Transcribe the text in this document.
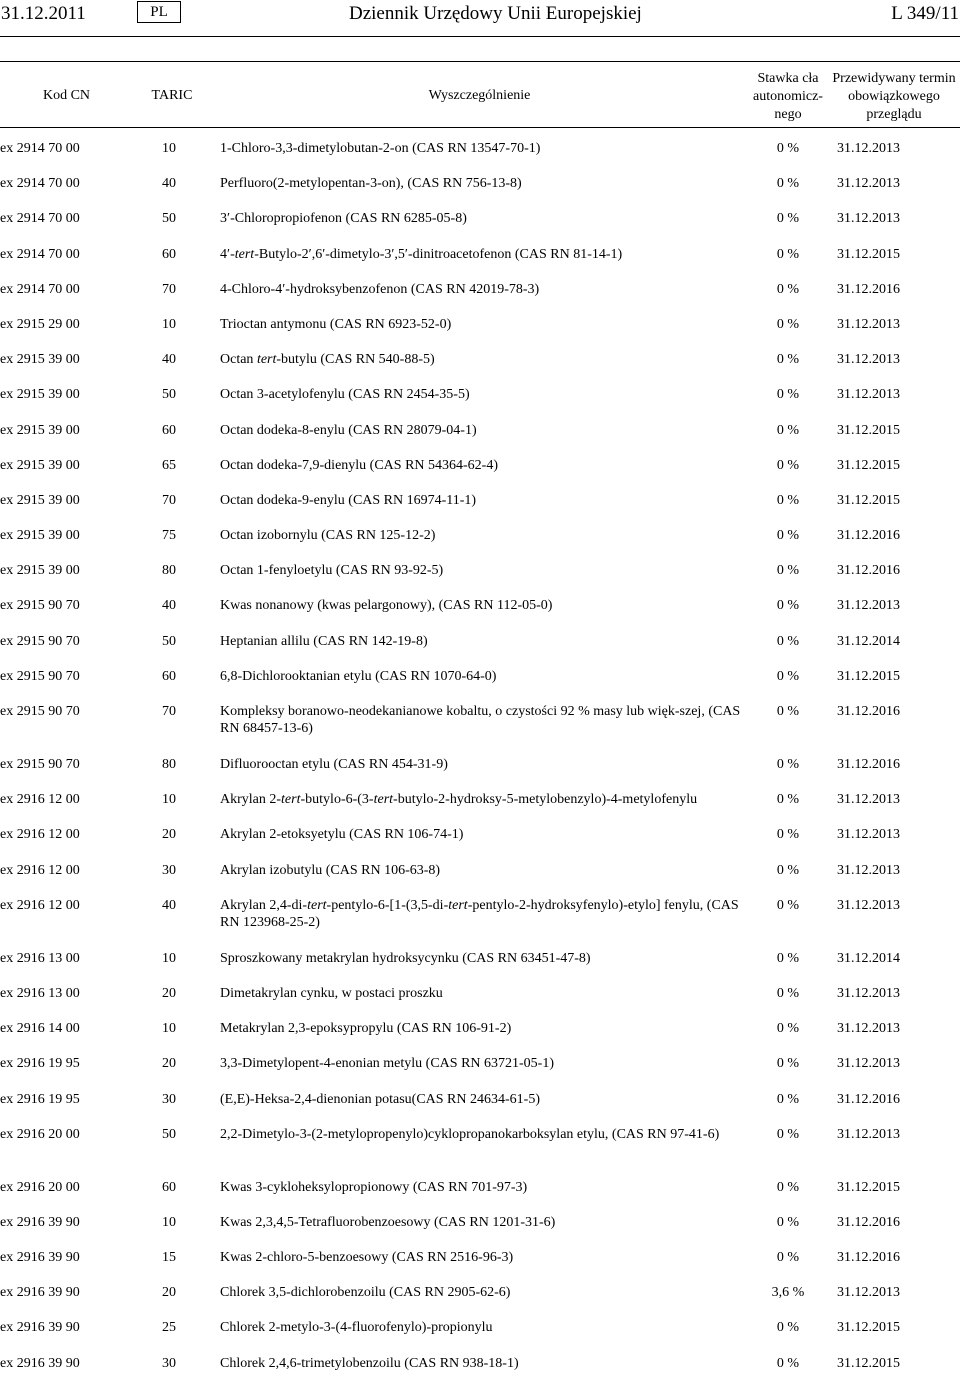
31.12.2011	PL	Dziennik Urzędowy Unii Europejskiej	L 349/11
Kod CN	TARIC	Wyszczególnienie
Stawka cła
autonomicz-
nego
Przewidywany termin
obowiązkowego
przeglądu
ex 2914 70 00	10	1-Chloro-3,3-dimetylobutan-2-on (CAS RN 13547-70-1)	0 %	31.12.2013
ex 2914 70 00	40	Perfluoro(2-metylopentan-3-on), (CAS RN 756-13-8)	0 %	31.12.2013
ex 2914 70 00	50	3′-Chloropropiofenon (CAS RN 6285-05-8)	0 %	31.12.2013
ex 2914 70 00	60	4′-tert-Butylo-2′,6′-dimetylo-3′,5′-dinitroacetofenon (CAS RN 81-14-1)	0 %	31.12.2015
ex 2914 70 00	70	4-Chloro-4′-hydroksybenzofenon (CAS RN 42019-78-3)	0 %	31.12.2016
ex 2915 29 00	10	Trioctan antymonu (CAS RN 6923-52-0)	0 %	31.12.2013
ex 2915 39 00	40	Octan tert-butylu (CAS RN 540-88-5)	0 %	31.12.2013
ex 2915 39 00	50	Octan 3-acetylofenylu (CAS RN 2454-35-5)	0 %	31.12.2013
ex 2915 39 00	60	Octan dodeka-8-enylu (CAS RN 28079-04-1)	0 %	31.12.2015
ex 2915 39 00	65	Octan dodeka-7,9-dienylu (CAS RN 54364-62-4)	0 %	31.12.2015
ex 2915 39 00	70	Octan dodeka-9-enylu (CAS RN 16974-11-1)	0 %	31.12.2015
ex 2915 39 00	75	Octan izobornylu (CAS RN 125-12-2)	0 %	31.12.2016
ex 2915 39 00	80	Octan 1-fenyloetylu (CAS RN 93-92-5)	0 %	31.12.2016
ex 2915 90 70	40	Kwas nonanowy (kwas pelargonowy), (CAS RN 112-05-0)	0 %	31.12.2013
ex 2915 90 70	50	Heptanian allilu (CAS RN 142-19-8)	0 %	31.12.2014
ex 2915 90 70	60	6,8-Dichlorooktanian etylu (CAS RN 1070-64-0)	0 %	31.12.2015
ex 2915 90 70	70	Kompleksy boranowo-neodekanianowe kobaltu, o czystości 92 % masy lub więk-szej, (CAS RN 68457-13-6)	0 %	31.12.2016
ex 2915 90 70	80	Difluorooctan etylu (CAS RN 454-31-9)	0 %	31.12.2016
ex 2916 12 00	10	Akrylan 2-tert-butylo-6-(3-tert-butylo-2-hydroksy-5-metylobenzylo)-4-metylofenylu	0 %	31.12.2013
ex 2916 12 00	20	Akrylan 2-etoksyetylu (CAS RN 106-74-1)	0 %	31.12.2013
ex 2916 12 00	30	Akrylan izobutylu (CAS RN 106-63-8)	0 %	31.12.2013
ex 2916 12 00	40	Akrylan 2,4-di-tert-pentylo-6-[1-(3,5-di-tert-pentylo-2-hydroksyfenylo)-etylo] fenylu, (CAS RN 123968-25-2)	0 %	31.12.2013
ex 2916 13 00	10	Sproszkowany metakrylan hydroksycynku (CAS RN 63451-47-8)	0 %	31.12.2014
ex 2916 13 00	20	Dimetakrylan cynku, w postaci proszku	0 %	31.12.2013
ex 2916 14 00	10	Metakrylan 2,3-epoksypropylu (CAS RN 106-91-2)	0 %	31.12.2013
ex 2916 19 95	20	3,3-Dimetylopent-4-enonian metylu (CAS RN 63721-05-1)	0 %	31.12.2013
ex 2916 19 95	30	(E,E)-Heksa-2,4-dienonian potasu(CAS RN 24634-61-5)	0 %	31.12.2016
ex 2916 20 00	50	2,2-Dimetylo-3-(2-metylopropenylo)cyklopropanokarboksylan etylu, (CAS RN 97-41-6)	0 %	31.12.2013
ex 2916 20 00	60	Kwas 3-cykloheksylopropionowy (CAS RN 701-97-3)	0 %	31.12.2015
ex 2916 39 90	10	Kwas 2,3,4,5-Tetrafluorobenzoesowy (CAS RN 1201-31-6)	0 %	31.12.2016
ex 2916 39 90	15	Kwas 2-chloro-5-benzoesowy (CAS RN 2516-96-3)	0 %	31.12.2016
ex 2916 39 90	20	Chlorek 3,5-dichlorobenzoilu (CAS RN 2905-62-6)	3,6 %	31.12.2013
ex 2916 39 90	25	Chlorek 2-metylo-3-(4-fluorofenylo)-propionylu	0 %	31.12.2015
ex 2916 39 90	30	Chlorek 2,4,6-trimetylobenzoilu (CAS RN 938-18-1)	0 %	31.12.2015
